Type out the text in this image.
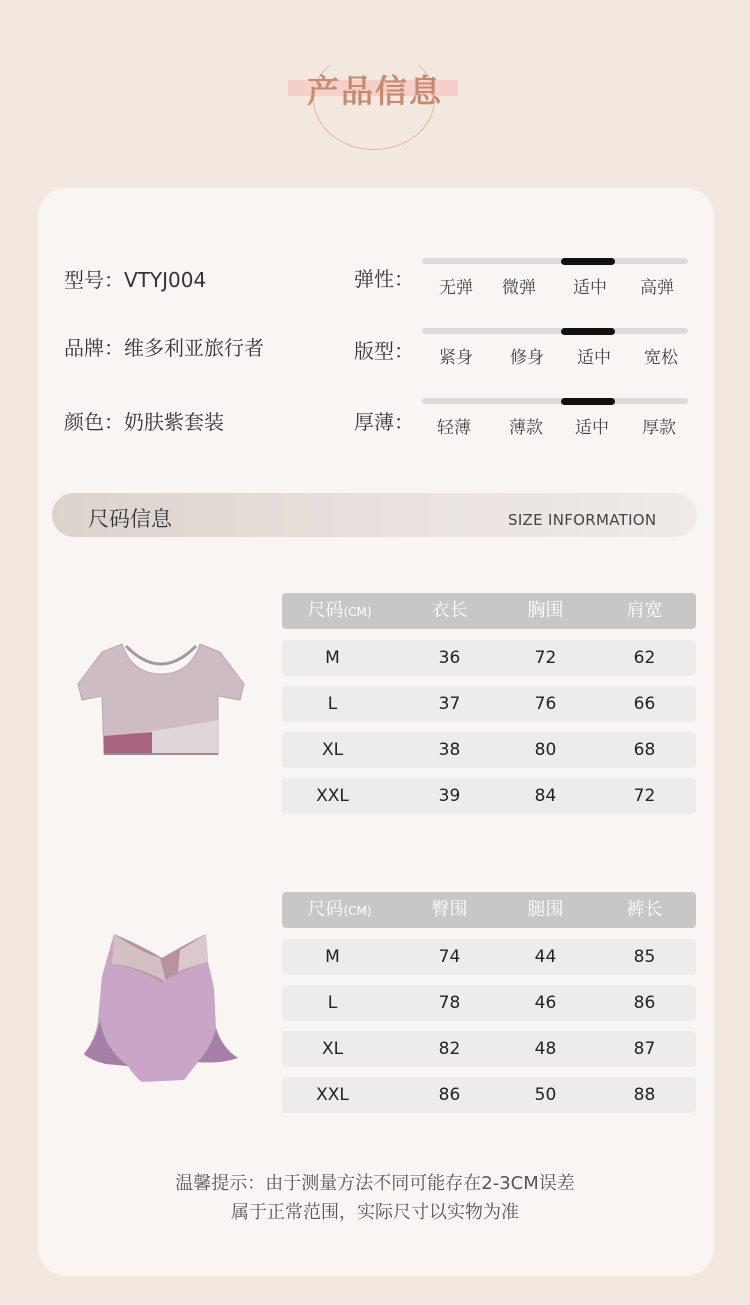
产品信息
型号：VTYJ004
品牌：维多利亚旅行者
颜色：奶肤紫套装
弹性：	无弹	微弹	适中	高弹
版型：	紧身	修身	适中	宽松
厚薄：	轻薄	薄款	适中	厚款
尺码信息	SIZE INFORMATION
尺码(CM)	衣长	胸围	肩宽
M	36	72	62
L	37	76	66
XL	38	80	68
XXL	39	84	72
尺码(CM)	臀围	腿围	裤长
M	74	44	85
L	78	46	86
XL	82	48	87
XXL	86	50	88
温馨提示：由于测量方法不同可能存在2-3CM误差
属于正常范围，实际尺寸以实物为准
